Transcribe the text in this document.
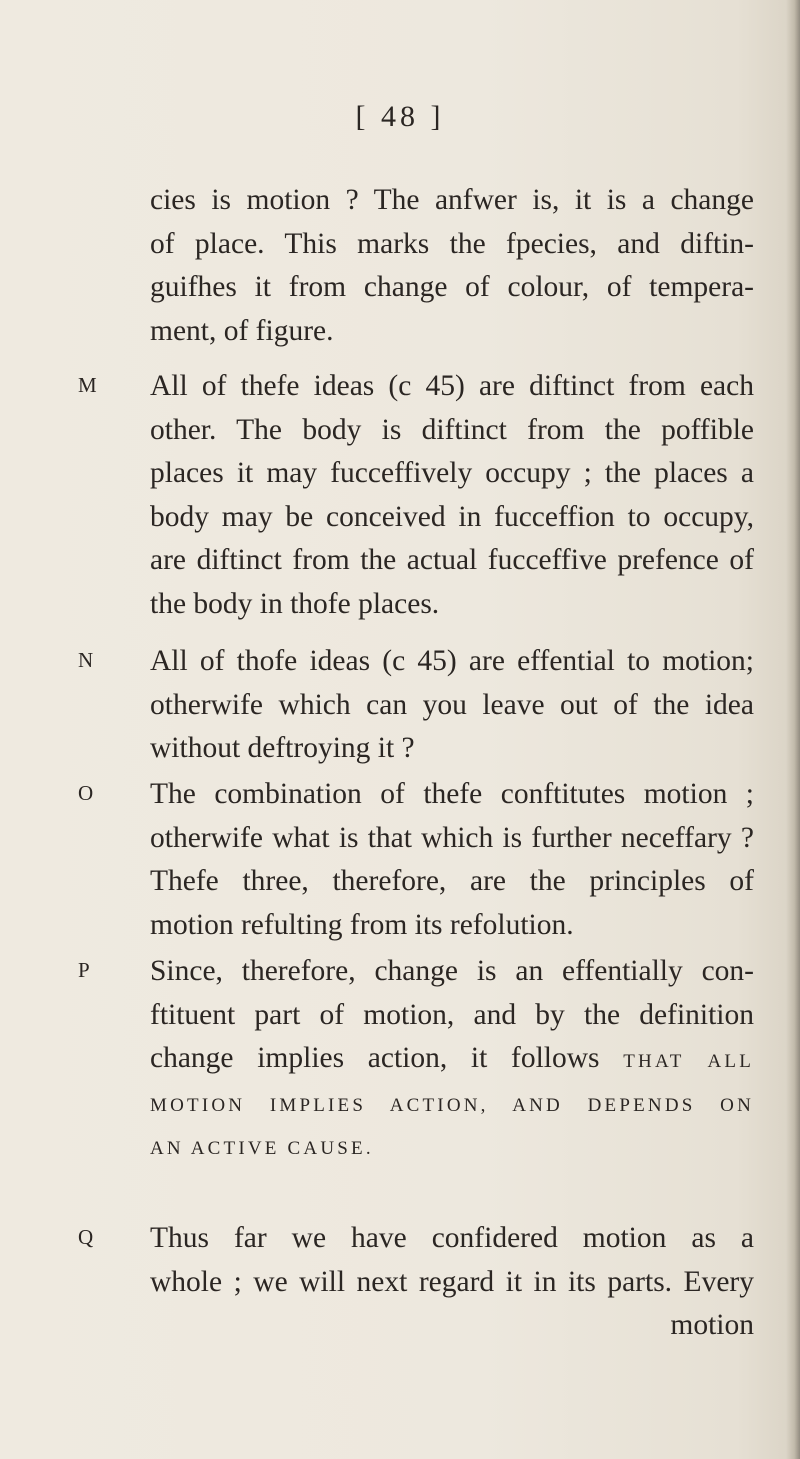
[ 48 ]
cies is motion ? The anfwer is, it is a change
of place. This marks the fpecies, and diftin-
guifhes it from change of colour, of tempera-
ment, of figure.
M All of thefe ideas (c 45) are diftinct from each
other. The body is diftinct from the poffible
places it may fucceffively occupy ; the places a
body may be conceived in fucceffion to occupy,
are diftinct from the actual fucceffive prefence of
the body in thofe places.
N All of thofe ideas (c 45) are effential to motion;
otherwife which can you leave out of the idea
without deftroying it ?
O The combination of thefe conftitutes motion ;
otherwife what is that which is further neceffary ?
Thefe three, therefore, are the principles of
motion refulting from its refolution.
P Since, therefore, change is an effentially con-
ftituent part of motion, and by the definition
change implies action, it follows THAT ALL
MOTION IMPLIES ACTION, AND DEPENDS ON
AN ACTIVE CAUSE.
Q Thus far we have confidered motion as a
whole ; we will next regard it in its parts. Every
motion
